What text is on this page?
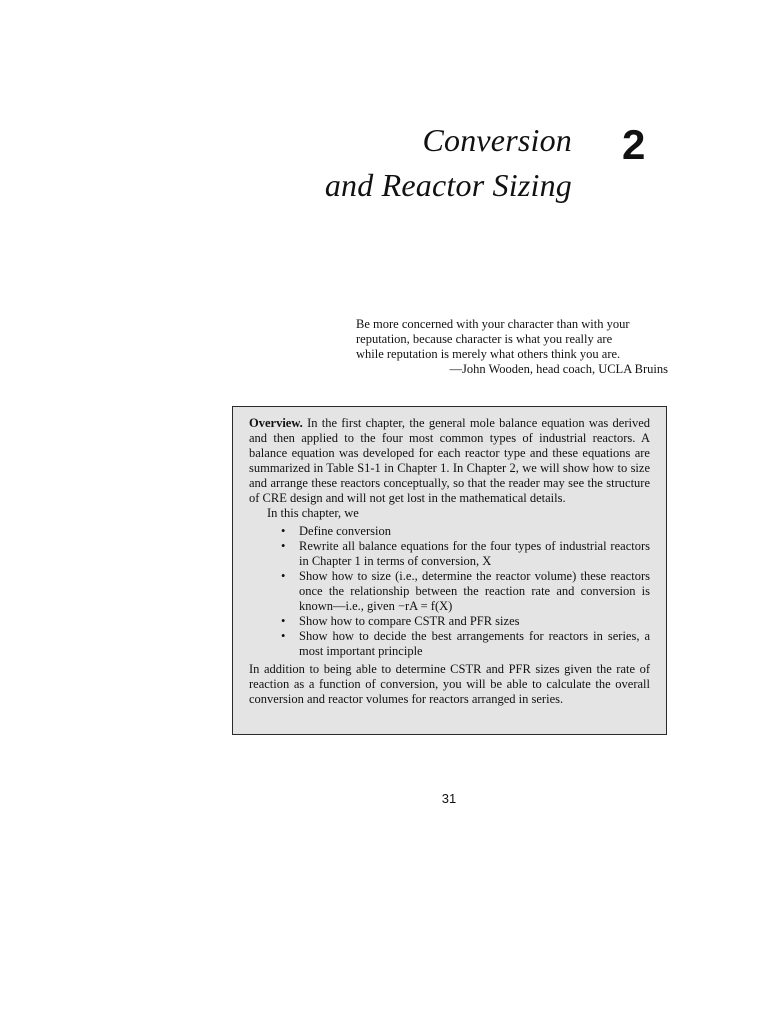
Conversion
and Reactor Sizing
2
Be more concerned with your character than with your
reputation, because character is what you really are
while reputation is merely what others think you are.
—John Wooden, head coach, UCLA Bruins

Overview. In the first chapter, the general mole balance equation was derived and then applied to the four most common types of industrial reactors. A balance equation was developed for each reactor type and these equations are summarized in Table S1-1 in Chapter 1. In Chapter 2, we will show how to size and arrange these reactors conceptually, so that the reader may see the structure of CRE design and will not get lost in the mathematical details.

In this chapter, we

• Define conversion
• Rewrite all balance equations for the four types of industrial reactors in Chapter 1 in terms of conversion, X
• Show how to size (i.e., determine the reactor volume) these reactors once the relationship between the reaction rate and conversion is known—i.e., given −rA = f(X)
• Show how to compare CSTR and PFR sizes
• Show how to decide the best arrangements for reactors in series, a most important principle

In addition to being able to determine CSTR and PFR sizes given the rate of reaction as a function of conversion, you will be able to calculate the overall conversion and reactor volumes for reactors arranged in series.

31
